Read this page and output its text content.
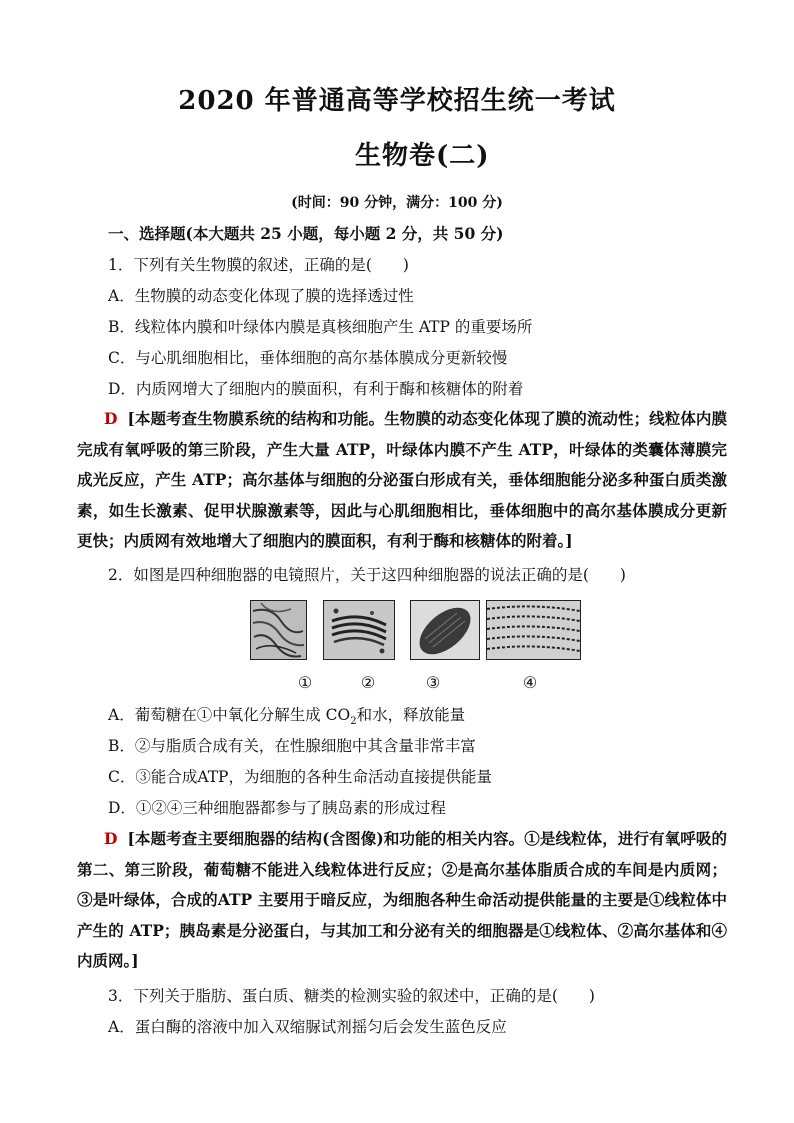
2020 年普通高等学校招生统一考试
生物卷(二)
(时间：90 分钟，满分：100 分)
一、选择题(本大题共 25 小题，每小题 2 分，共 50 分)
1．下列有关生物膜的叙述，正确的是(　　)
A．生物膜的动态变化体现了膜的选择透过性
B．线粒体内膜和叶绿体内膜是真核细胞产生 ATP 的重要场所
C．与心肌细胞相比，垂体细胞的高尔基体膜成分更新较慢
D．内质网增大了细胞内的膜面积，有利于酶和核糖体的附着
D [本题考查生物膜系统的结构和功能。生物膜的动态变化体现了膜的流动性；线粒体内膜完成有氧呼吸的第三阶段，产生大量 ATP，叶绿体内膜不产生 ATP，叶绿体的类囊体薄膜完成光反应，产生 ATP；高尔基体与细胞的分泌蛋白形成有关，垂体细胞能分泌多种蛋白质类激素，如生长激素、促甲状腺激素等，因此与心肌细胞相比，垂体细胞中的高尔基体膜成分更新更快；内质网有效地增大了细胞内的膜面积，有利于酶和核糖体的附着。]
2．如图是四种细胞器的电镜照片，关于这四种细胞器的说法正确的是(　　)
①	②	③	④
A．葡萄糖在①中氧化分解生成 $CO_2$和水，释放能量
B．②与脂质合成有关，在性腺细胞中其含量非常丰富
C．③能合成ATP，为细胞的各种生命活动直接提供能量
D．①②④三种细胞器都参与了胰岛素的形成过程
D [本题考查主要细胞器的结构(含图像)和功能的相关内容。①是线粒体，进行有氧呼吸的第二、第三阶段，葡萄糖不能进入线粒体进行反应；②是高尔基体脂质合成的车间是内质网；③是叶绿体，合成的ATP 主要用于暗反应，为细胞各种生命活动提供能量的主要是①线粒体中产生的 ATP；胰岛素是分泌蛋白，与其加工和分泌有关的细胞器是①线粒体、②高尔基体和④内质网。]
3．下列关于脂肪、蛋白质、糖类的检测实验的叙述中，正确的是(　　)
A．蛋白酶的溶液中加入双缩脲试剂摇匀后会发生蓝色反应
